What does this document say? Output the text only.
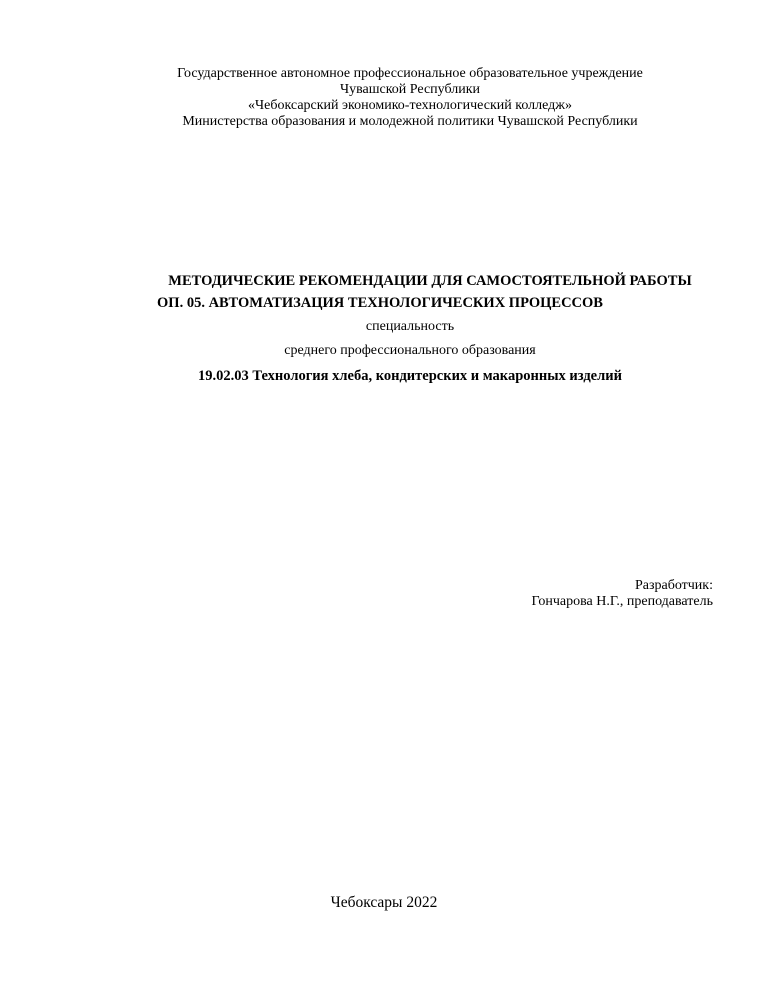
Государственное автономное профессиональное образовательное учреждение
Чувашской Республики
«Чебоксарский экономико-технологический колледж»
Министерства образования и молодежной политики Чувашской Республики
МЕТОДИЧЕСКИЕ РЕКОМЕНДАЦИИ ДЛЯ САМОСТОЯТЕЛЬНОЙ РАБОТЫ
ОП. 05. АВТОМАТИЗАЦИЯ ТЕХНОЛОГИЧЕСКИХ ПРОЦЕССОВ
специальность
среднего профессионального образования
19.02.03 Технология хлеба, кондитерских и макаронных изделий
Разработчик:
Гончарова Н.Г., преподаватель
Чебоксары 2022
